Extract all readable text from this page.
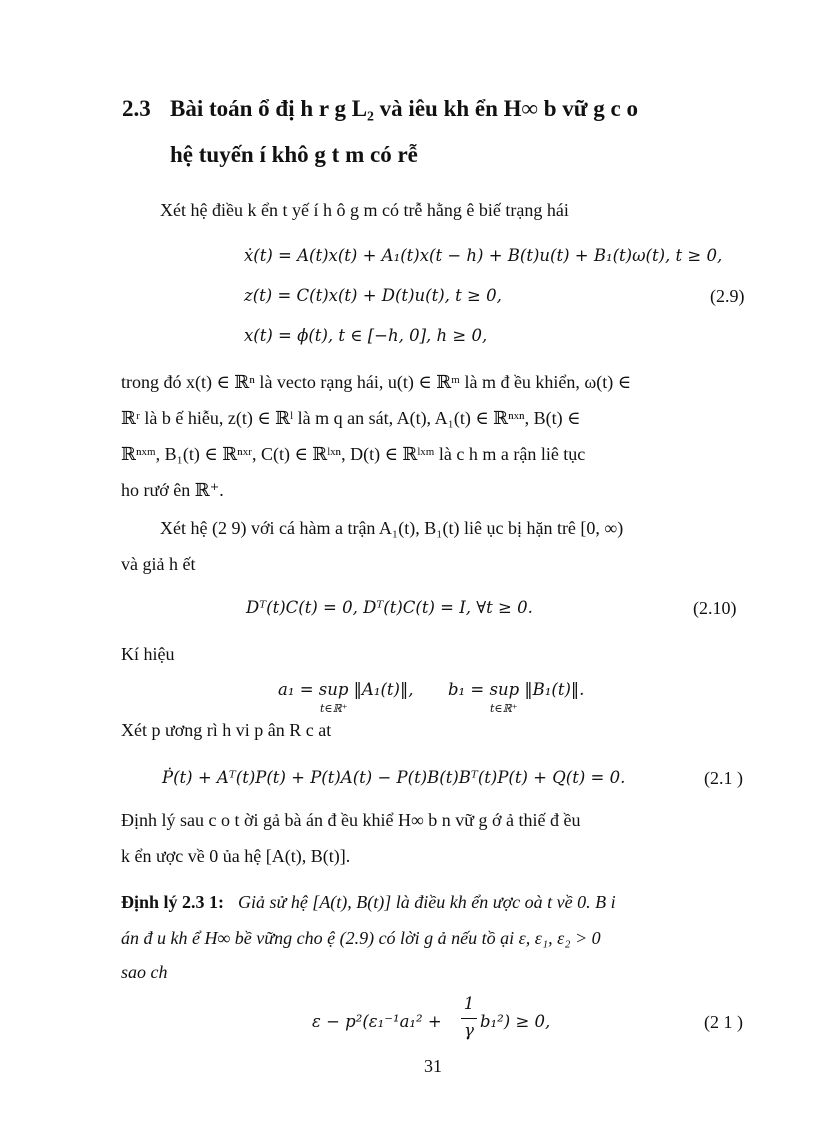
2.3 Bài toán ổ đị h r g L₂ và iêu kh ển H∞ b vữ g c o
hệ tuyến í khô g t m có rễ
Xét hệ điều k ển t yế í h ô g m có trễ hằng ê biế trạng hái
ẋ(t) = A(t)x(t) + A₁(t)x(t − h) + B(t)u(t) + B₁(t)ω(t), t ≥ 0,
z(t) = C(t)x(t) + D(t)u(t), t ≥ 0,	(2.9)
x(t) = ϕ(t), t ∈ [−h, 0], h ≥ 0,
trong đó x(t) ∈ ℝⁿ là vecto rạng hái, u(t) ∈ ℝᵐ là m đ ều khiển, ω(t) ∈
ℝʳ là b ế hiễu, z(t) ∈ ℝˡ là m q an sát, A(t), A₁(t) ∈ ℝⁿˣⁿ, B(t) ∈
ℝⁿˣᵐ, B₁(t) ∈ ℝⁿˣʳ, C(t) ∈ ℝˡˣⁿ, D(t) ∈ ℝˡˣᵐ là c h m a rận liê tục
ho rướ ên ℝ⁺.
Xét hệ (2 9) với cá hàm a trận A₁(t), B₁(t) liê ục bị hặn trê [0, ∞)
và giả h ết
Dᵀ(t)C(t) = 0, Dᵀ(t)C(t) = I, ∀t ≥ 0.	(2.10)
Kí hiệu
a₁ = sup ‖A₁(t)‖,
t∈ℝ⁺
b₁ = sup ‖B₁(t)‖.
t∈ℝ⁺
Xét p ương rì h vi p ân R c at
Ṗ(t) + Aᵀ(t)P(t) + P(t)A(t) − P(t)B(t)Bᵀ(t)P(t) + Q(t) = 0.	(2.1 )
Định lý sau c o t ời gả bà án đ ều khiể H∞ b n vữ g ớ ả thiế đ ều
k ển ược về 0 ủa hệ [A(t), B(t)].
Định lý 2.3 1: Giả sử hệ [A(t), B(t)] là điều kh ển ược oà t về 0. B i
án đ u kh ể H∞ bề vững cho ệ (2.9) có lời g ả nếu tồ ại ε, ε₁, ε₂ > 0
sao ch
ε − p²(ε₁⁻¹a₁² +
1
γ b₁²) ≥ 0,	(2 1 )
31
